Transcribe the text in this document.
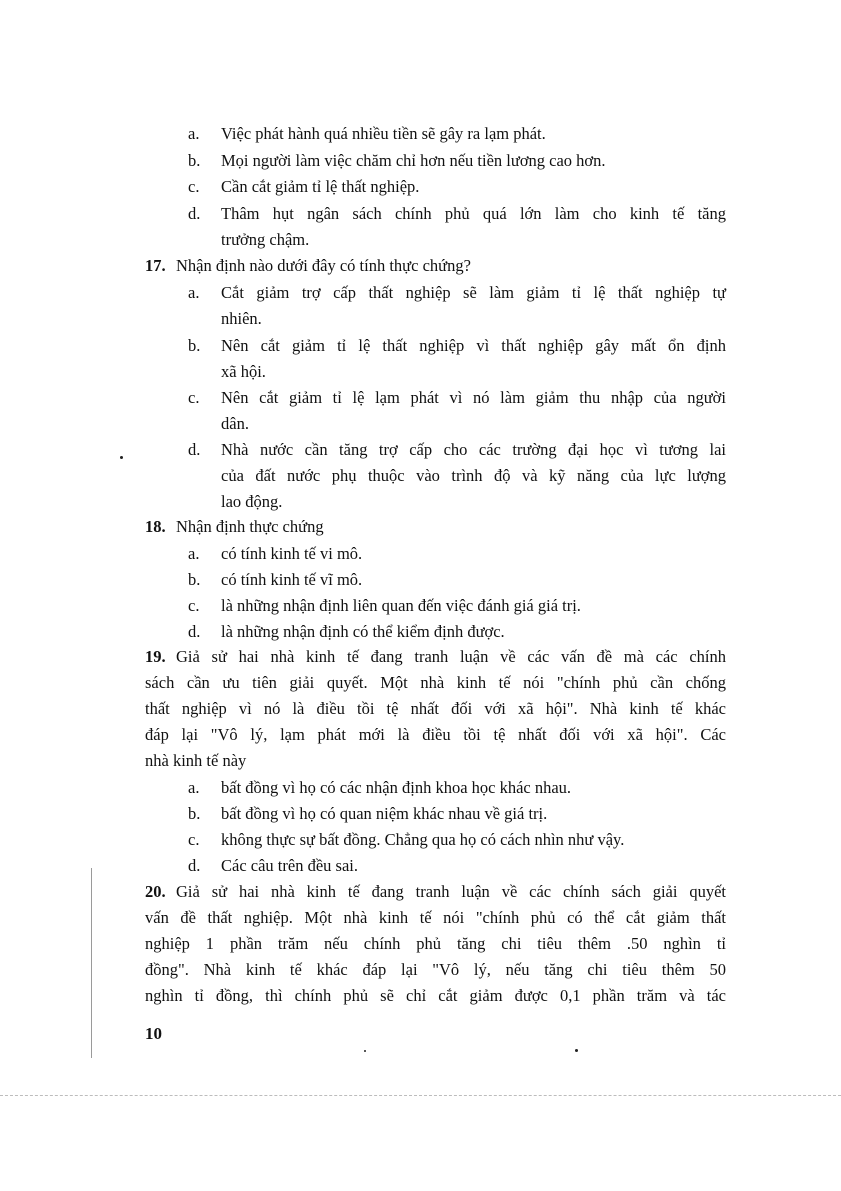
a. Việc phát hành quá nhiều tiền sẽ gây ra lạm phát.
b. Mọi người làm việc chăm chỉ hơn nếu tiền lương cao hơn.
c. Cần cắt giảm tỉ lệ thất nghiệp.
d. Thâm hụt ngân sách chính phủ quá lớn làm cho kinh tế tăng
trưởng chậm.
17. Nhận định nào dưới đây có tính thực chứng?
a. Cắt giảm trợ cấp thất nghiệp sẽ làm giảm tỉ lệ thất nghiệp tự
nhiên.
b. Nên cắt giảm tỉ lệ thất nghiệp vì thất nghiệp gây mất ổn định
xã hội.
c. Nên cắt giảm tỉ lệ lạm phát vì nó làm giảm thu nhập của người
dân.
d. Nhà nước cần tăng trợ cấp cho các trường đại học vì tương lai
của đất nước phụ thuộc vào trình độ và kỹ năng của lực lượng
lao động.
18. Nhận định thực chứng
a. có tính kinh tế vi mô.
b. có tính kinh tế vĩ mô.
c. là những nhận định liên quan đến việc đánh giá giá trị.
d. là những nhận định có thể kiểm định được.
19. Giả sử hai nhà kinh tế đang tranh luận về các vấn đề mà các chính
sách cần ưu tiên giải quyết. Một nhà kinh tế nói "chính phủ cần chống
thất nghiệp vì nó là điều tồi tệ nhất đối với xã hội". Nhà kinh tế khác
đáp lại "Vô lý, lạm phát mới là điều tồi tệ nhất đối với xã hội". Các
nhà kinh tế này
a. bất đồng vì họ có các nhận định khoa học khác nhau.
b. bất đồng vì họ có quan niệm khác nhau về giá trị.
c. không thực sự bất đồng. Chẳng qua họ có cách nhìn như vậy.
d. Các câu trên đều sai.
20. Giả sử hai nhà kinh tế đang tranh luận về các chính sách giải quyết
vấn đề thất nghiệp. Một nhà kinh tế nói "chính phủ có thể cắt giảm thất
nghiệp 1 phần trăm nếu chính phủ tăng chi tiêu thêm .50 nghìn tỉ
đồng". Nhà kinh tế khác đáp lại "Vô lý, nếu tăng chi tiêu thêm 50
nghìn tỉ đồng, thì chính phủ sẽ chỉ cắt giảm được 0,1 phần trăm và tác
10
